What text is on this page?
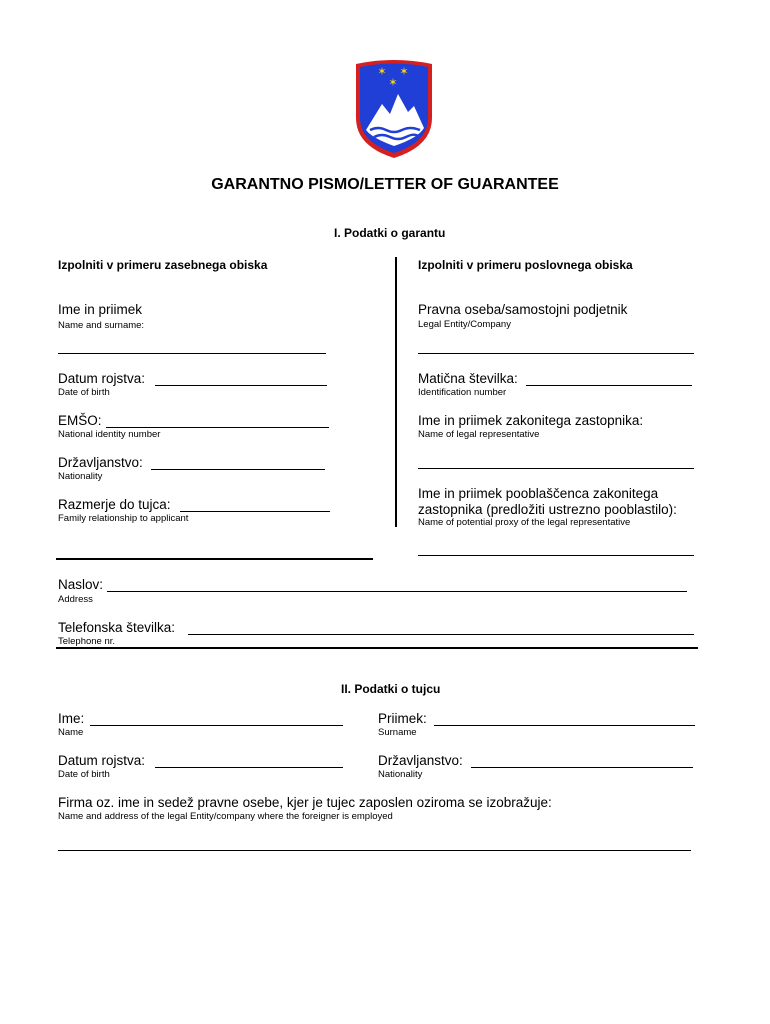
✶ ✶
✶
GARANTNO PISMO/LETTER OF GUARANTEE
I. Podatki o garantu
Izpolniti v primeru zasebnega obiska	Izpolniti v primeru poslovnega obiska
Ime in priimek
Name and surname:
Datum rojstva:
Date of birth
EMŠO:
National identity number
Državljanstvo:
Nationality
Razmerje do tujca:
Family relationship to applicant
Pravna oseba/samostojni podjetnik
Legal Entity/Company
Matična številka:
Identification number
Ime in priimek zakonitega zastopnika:
Name of legal representative
Ime in priimek pooblaščenca zakonitega
zastopnika (predložiti ustrezno pooblastilo):
Name of potential proxy of the legal representative
Naslov:
Address
Telefonska številka:
Telephone nr.
II. Podatki o tujcu
Ime:
Name
Priimek:
Surname
Datum rojstva:
Date of birth
Državljanstvo:
Nationality
Firma oz. ime in sedež pravne osebe, kjer je tujec zaposlen oziroma se izobražuje:
Name and address of the legal Entity/company where the foreigner is employed
